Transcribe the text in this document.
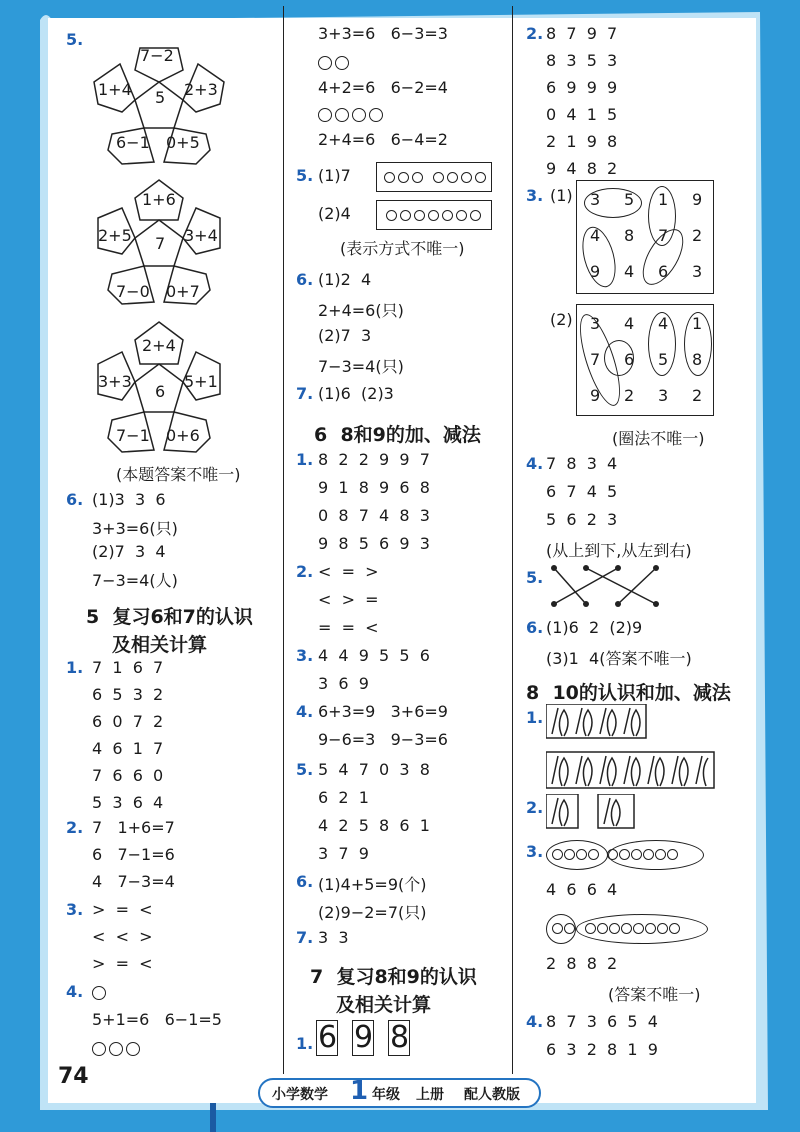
5.
7−2
1+4 5 2+3
6−1 0+5
1+6
2+5 7 3+4
7−0 0+7
2+4
3+3
6
5+1
7−1 0+6
(本题答案不唯一)
6. (1)3  3  6
3+3=6(只)
(2)7  3  4
7−3=4(人)
5  复习6和7的认识
及相关计算
1. 7  1  6  7
6  5  3  2
6  0  7  2
4  6  1  7
7  6  6  0
5  3  6  4
2. 7   1+6=7
6   7−1=6
4   7−3=4
3. >  =  <
<  <  >
>  =  <
4.
5+1=6   6−1=5
3+3=6   6−3=3
4+2=6   6−2=4
2+4=6   6−4=2
5. (1)7
(2)4
(表示方式不唯一)
6. (1)2  4
2+4=6(只)
(2)7  3
7−3=4(只)
7. (1)6  (2)3
6  8和9的加、减法
1. 8  2  2  9  9  7
9  1  8  9  6  8
0  8  7  4  8  3
9  8  5  6  9  3
2. <  =  >
<  >  =
=  =  <
3. 4  4  9  5  5  6
3  6  9
4. 6+3=9   3+6=9
9−6=3   9−3=6
5. 5  4  7  0  3  8
6  2  1
4  2  5  8  6  1
3  7  9
6. (1)4+5=9(个)
(2)9−2=7(只)
7. 3  3
7  复习8和9的认识
及相关计算
1. 6 9 8
2. 8  7  9  7
8  3  5  3
6  9  9  9
0  4  1  5
2  1  9  8
9  4  8  2
3. (1) 3 5 1 9
4 8 7 2
9 4 6 3
(2) 3 4 4 1
7 6 5 8
9 2 3 2
(圈法不唯一)
4. 7  8  3  4
6  7  4  5
5  6  2  3
(从上到下,从左到右)
5.
6. (1)6  2  (2)9
(3)1  4(答案不唯一)
8  10的认识和加、减法
1.
2.
3.
4  6  6  4
2  8  8  2
(答案不唯一)
4. 8  7  3  6  5  4
6  3  2  8  1  9
74
小学数学 1 年级 上册 配人教版
